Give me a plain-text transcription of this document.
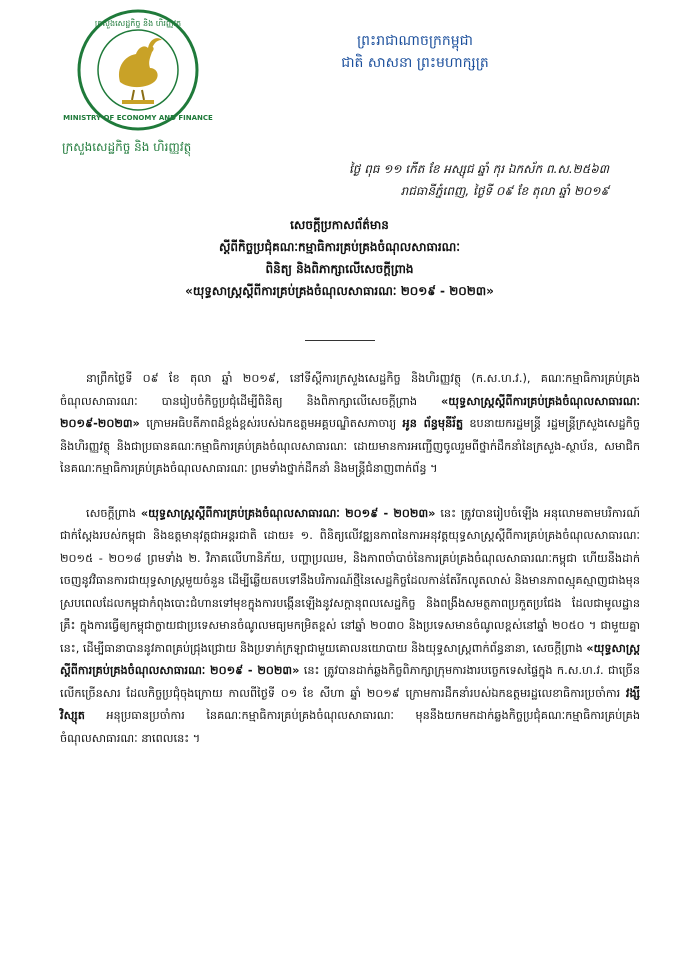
MINISTRY OF ECONOMY AND FINANCE
ក្រសួងសេដ្ឋកិច្ច និង ហិរញ្ញវត្ថុ
ក្រសួងសេដ្ឋកិច្ច និង ហិរញ្ញវត្ថុ
ព្រះរាជាណាចក្រកម្ពុជា
ជាតិ សាសនា ព្រះមហាក្សត្រ
ថ្ងៃ ពុធ ១១ កើត ខែ អស្សុជ ឆ្នាំ កុរ ឯកស័ក ព.ស.២៥៦៣
រាជធានីភ្នំពេញ, ថ្ងៃទី ០៩ ខែ តុលា ឆ្នាំ ២០១៩
សេចក្តីប្រកាសព័ត៌មាន
ស្តីពីកិច្ចប្រជុំគណៈកម្មាធិការគ្រប់គ្រងចំណុលសាធារណៈ
ពិនិត្យ និងពិភាក្សាលើសេចក្តីព្រាង
«យុទ្ធសាស្ត្រស្តីពីការគ្រប់គ្រងចំណុលសាធារណៈ ២០១៩ - ២០២៣»

នាព្រឹកថ្ងៃទី ០៩ ខែ តុលា ឆ្នាំ ២០១៩, នៅទីស្តីការក្រសួងសេដ្ឋកិច្ច និងហិរញ្ញវត្ថុ (ក.ស.ហ.វ.), គណៈកម្មាធិការគ្រប់គ្រងចំណុលសាធារណៈ បានរៀបចំកិច្ចប្រជុំដើម្បីពិនិត្យ និងពិភាក្សាលើសេចក្តីព្រាង «យុទ្ធសាស្ត្រស្តីពីការគ្រប់គ្រងចំណុលសាធារណៈ ២០១៩-២០២៣» ក្រោមអធិបតីភាពដ៏ខ្ពង់ខ្ពស់របស់ឯកឧត្តមអគ្គបណ្ឌិតសភាចារ្យ អូន ព័ន្ធមុនីរ័ត្ន ឧបនាយករដ្ឋមន្ត្រី រដ្ឋមន្ត្រីក្រសួងសេដ្ឋកិច្ច និងហិរញ្ញវត្ថុ និងជាប្រធានគណៈកម្មាធិការគ្រប់គ្រងចំណុលសាធារណៈ ដោយមានការអញ្ជើញចូលរួមពីថ្នាក់ដឹកនាំនៃក្រសួង-ស្ថាប័ន, សមាជិកនៃគណៈកម្មាធិការគ្រប់គ្រងចំណុលសាធារណៈ ព្រមទាំងថ្នាក់ដឹកនាំ និងមន្ត្រីជំនាញពាក់ព័ន្ធ ។

សេចក្តីព្រាង «យុទ្ធសាស្ត្រស្តីពីការគ្រប់គ្រងចំណុលសាធារណៈ ២០១៩ - ២០២៣» នេះ ត្រូវបានរៀបចំឡើង អនុលោមតាមបរិការណ៍ជាក់ស្តែងរបស់កម្ពុជា និងឧត្តមានុវត្តជាអន្តរជាតិ ដោយ៖ ១. ពិនិត្យលើវឌ្ឍនភាពនៃការអនុវត្តយុទ្ធសាស្ត្រស្តីពីការគ្រប់គ្រងចំណុលសាធារណៈ ២០១៥ - ២០១៨ ព្រមទាំង ២. វិភាគលើហានិភ័យ, បញ្ហាប្រឈម, និងភាពចាំបាច់នៃការគ្រប់គ្រងចំណុលសាធារណៈកម្ពុជា ហើយនឹងដាក់ចេញនូវវិធានការជាយុទ្ធសាស្ត្រមួយចំនួន ដើម្បីឆ្លើយតបទៅនឹងបរិការណ៍ថ្មីនៃសេដ្ឋកិច្ចដែលកាន់តែរីកលូតលាស់ និងមានភាពស្មុគស្មាញជាងមុន ស្របពេលដែលកម្ពុជាកំពុងបោះជំហានទៅមុខក្នុងការបង្កើនឡើងនូវសក្តានុពលសេដ្ឋកិច្ច និងពង្រឹងសមត្ថភាពប្រកួតប្រជែង ដែលជាមូលដ្ឋានគ្រឹះ ក្នុងការធ្វើឲ្យកម្ពុជាក្លាយជាប្រទេសមានចំណូលមធ្យមកម្រិតខ្ពស់ នៅឆ្នាំ ២០៣០ និងប្រទេសមានចំណូលខ្ពស់នៅឆ្នាំ ២០៥០ ។ ជាមួយគ្នានេះ, ដើម្បីធានាបាននូវភាពគ្រប់ជ្រុងជ្រោយ និងប្រទាក់ក្រឡាជាមួយគោលនយោបាយ និងយុទ្ធសាស្ត្រពាក់ព័ន្ធនានា, សេចក្តីព្រាង «យុទ្ធសាស្ត្រស្តីពីការគ្រប់គ្រងចំណុលសាធារណៈ ២០១៩ - ២០២៣» នេះ ត្រូវបានដាក់ឆ្លងកិច្ចពិភាក្សាក្រុមការងារបច្ចេកទេសផ្ទៃក្នុង ក.ស.ហ.វ. ជាច្រើនលើកច្រើនសារ ដែលកិច្ចប្រជុំចុងក្រោយ កាលពីថ្ងៃទី ០១ ខែ សីហា ឆ្នាំ ២០១៩ ក្រោមការដឹកនាំរបស់ឯកឧត្តមរដ្ឋលេខាធិការប្រចាំការ វង្សី វិស្សុត អនុប្រធានប្រចាំការ នៃគណៈកម្មាធិការគ្រប់គ្រងចំណុលសាធារណៈ មុននឹងយកមកដាក់ឆ្លងកិច្ចប្រជុំគណៈកម្មាធិការគ្រប់គ្រងចំណុលសាធារណៈ នាពេលនេះ ។
